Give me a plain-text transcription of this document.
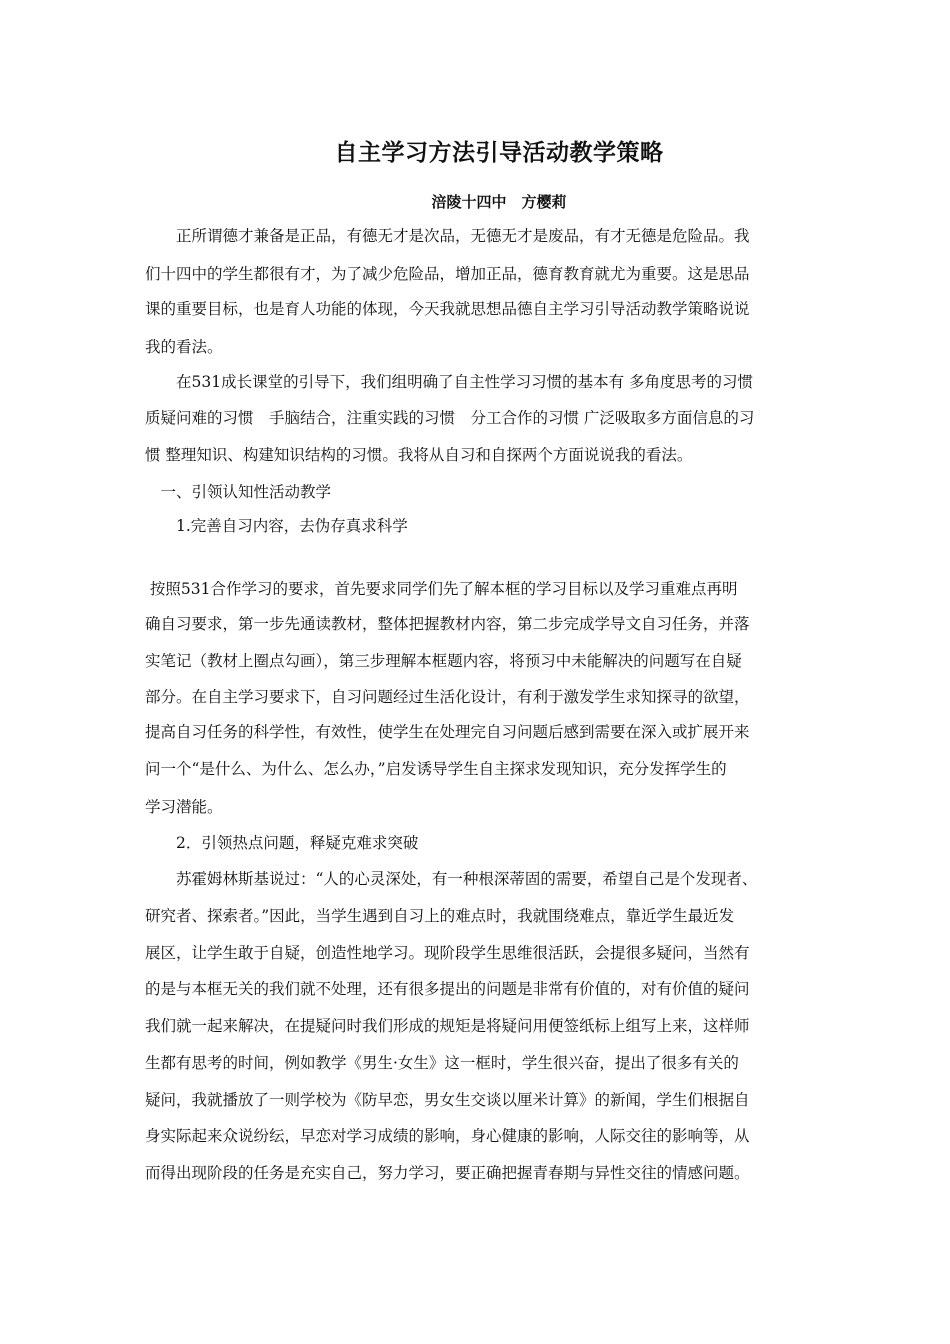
自主学习方法引导活动教学策略
涪陵十四中　方樱莉
　　正所谓德才兼备是正品，有德无才是次品，无德无才是废品，有才无德是危险品。我
们十四中的学生都很有才，为了减少危险品，增加正品，德育教育就尤为重要。这是思品
课的重要目标，也是育人功能的体现，今天我就思想品德自主学习引导活动教学策略说说
我的看法。
　　在531成长课堂的引导下，我们组明确了自主性学习习惯的基本有 多角度思考的习惯
质疑问难的习惯　手脑结合，注重实践的习惯　分工合作的习惯 广泛吸取多方面信息的习
惯 整理知识、构建知识结构的习惯。我将从自习和自探两个方面说说我的看法。
　一、引领认知性活动教学
　　1.完善自习内容，去伪存真求科学
按照531合作学习的要求，首先要求同学们先了解本框的学习目标以及学习重难点再明
确自习要求，第一步先通读教材，整体把握教材内容，第二步完成学导文自习任务，并落
实笔记（教材上圈点勾画），第三步理解本框题内容，将预习中未能解决的问题写在自疑
部分。在自主学习要求下，自习问题经过生活化设计，有利于激发学生求知探寻的欲望，
提高自习任务的科学性，有效性，使学生在处理完自习问题后感到需要在深入或扩展开来
问一个“是什么、为什么、怎么办，”启发诱导学生自主探求发现知识，充分发挥学生的
学习潜能。
　　2．引领热点问题，释疑克难求突破
　　苏霍姆林斯基说过：“人的心灵深处，有一种根深蒂固的需要，希望自己是个发现者、
研究者、探索者。”因此，当学生遇到自习上的难点时，我就围绕难点，靠近学生最近发
展区，让学生敢于自疑，创造性地学习。现阶段学生思维很活跃，会提很多疑问，当然有
的是与本框无关的我们就不处理，还有很多提出的问题是非常有价值的，对有价值的疑问
我们就一起来解决，在提疑问时我们形成的规矩是将疑问用便签纸标上组写上来，这样师
生都有思考的时间，例如教学《男生·女生》这一框时，学生很兴奋，提出了很多有关的
疑问，我就播放了一则学校为《防早恋，男女生交谈以厘米计算》的新闻，学生们根据自
身实际起来众说纷纭，早恋对学习成绩的影响，身心健康的影响，人际交往的影响等，从
而得出现阶段的任务是充实自己，努力学习，要正确把握青春期与异性交往的情感问题。
